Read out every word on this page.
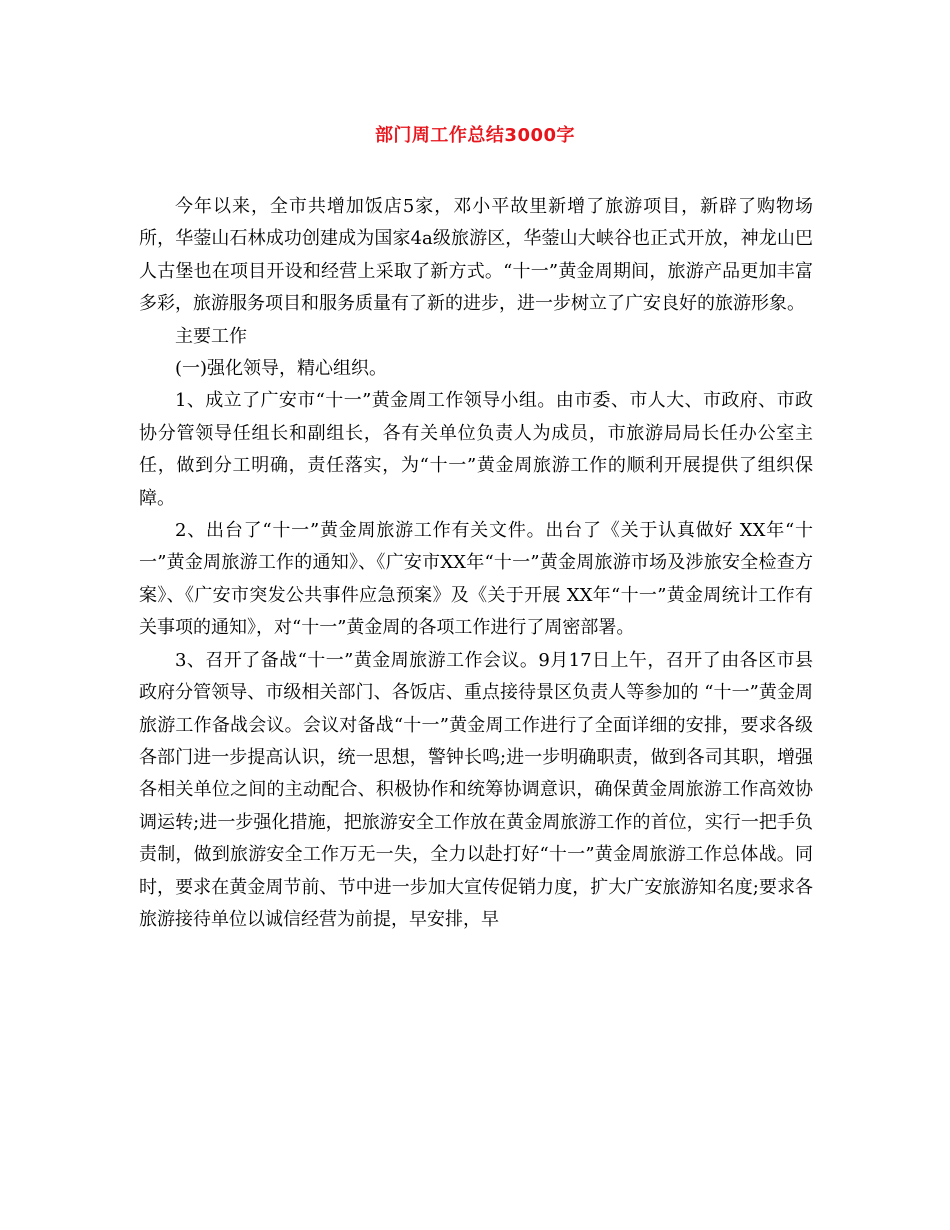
部门周工作总结3000字

今年以来，全市共增加饭店5家，邓小平故里新增了旅游项目，新辟了购物场所，华蓥山石林成功创建成为国家4a级旅游区，华蓥山大峡谷也正式开放，神龙山巴人古堡也在项目开设和经营上采取了新方式。“十一”黄金周期间，旅游产品更加丰富多彩，旅游服务项目和服务质量有了新的进步，进一步树立了广安良好的旅游形象。

主要工作

(一)强化领导，精心组织。

1、成立了广安市“十一”黄金周工作领导小组。由市委、市人大、市政府、市政协分管领导任组长和副组长，各有关单位负责人为成员，市旅游局局长任办公室主任，做到分工明确，责任落实，为“十一”黄金周旅游工作的顺利开展提供了组织保障。

2、出台了“十一”黄金周旅游工作有关文件。出台了《关于认真做好 XX年“十一”黄金周旅游工作的通知》、《广安市XX年“十一”黄金周旅游市场及涉旅安全检查方案》、《广安市突发公共事件应急预案》及《关于开展 XX年“十一”黄金周统计工作有关事项的通知》，对“十一”黄金周的各项工作进行了周密部署。

3、召开了备战“十一”黄金周旅游工作会议。9月17日上午，召开了由各区市县政府分管领导、市级相关部门、各饭店、重点接待景区负责人等参加的 “十一”黄金周旅游工作备战会议。会议对备战“十一”黄金周工作进行了全面详细的安排，要求各级各部门进一步提高认识，统一思想，警钟长鸣;进一步明确职责，做到各司其职，增强各相关单位之间的主动配合、积极协作和统筹协调意识，确保黄金周旅游工作高效协调运转;进一步强化措施，把旅游安全工作放在黄金周旅游工作的首位，实行一把手负责制，做到旅游安全工作万无一失，全力以赴打好“十一”黄金周旅游工作总体战。同时，要求在黄金周节前、节中进一步加大宣传促销力度，扩大广安旅游知名度;要求各旅游接待单位以诚信经营为前提，早安排，早
